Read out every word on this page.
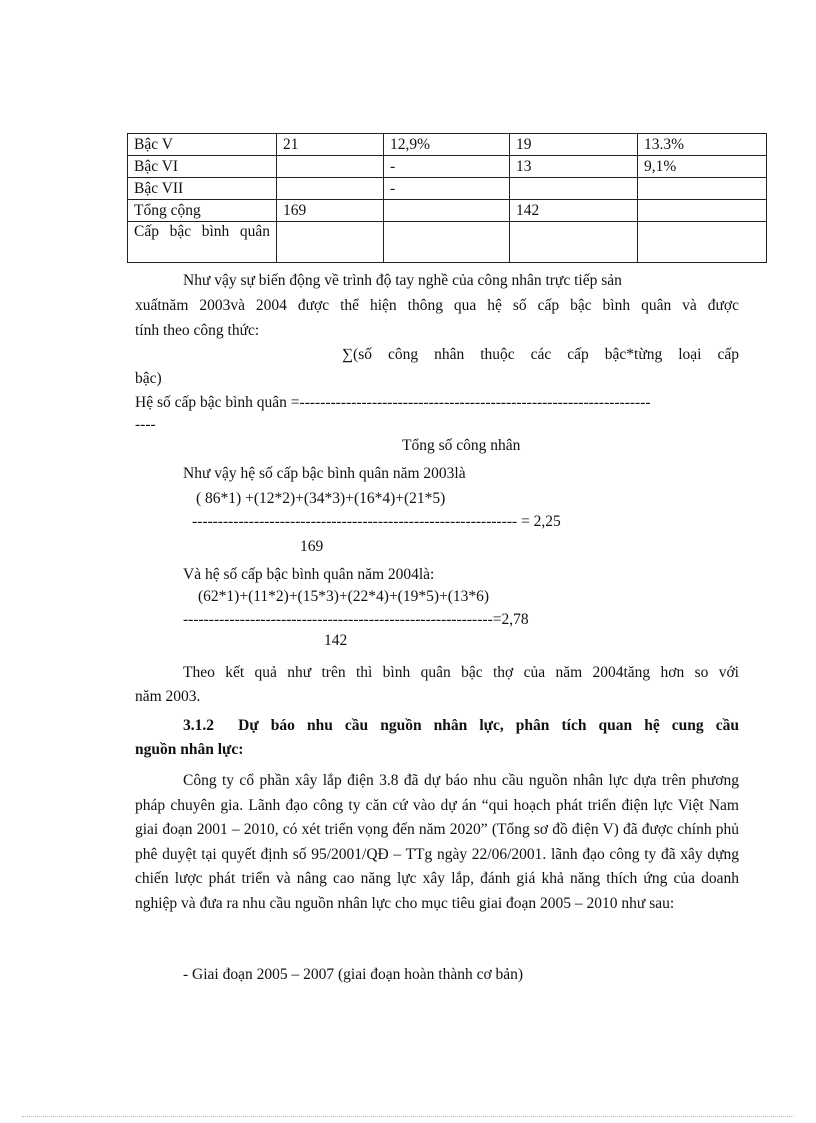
Bậc V	21	12,9%	19	13.3%
Bậc VI		-	13	9,1%
Bậc VII		-		
Tổng cộng	169		142	

Cấp bậc bình quân				

Như vậy sự biến động về trình độ tay nghề của công nhân trực tiếp sản
xuấtnăm 2003và 2004 được thể hiện thông qua hệ số cấp bậc bình quân và được
tính theo công thức:
∑(số công nhân thuộc các cấp bậc*từng loại cấp
bậc)
Hệ số cấp bậc bình quân =--------------------------------------------------------------------
----
Tổng số công nhân
Như vậy hệ số cấp bậc bình quân năm 2003là
( 86*1) +(12*2)+(34*3)+(16*4)+(21*5)
--------------------------------------------------------------- = 2,25
169
Và hệ số cấp bậc bình quân năm 2004là:
(62*1)+(11*2)+(15*3)+(22*4)+(19*5)+(13*6)
------------------------------------------------------------=2,78
142
Theo kết quả như trên thì bình quân bậc thợ của năm 2004tăng hơn so với
năm 2003.
3.1.2 Dự báo nhu cầu nguồn nhân lực, phân tích quan hệ cung cầu
nguồn nhân lực:
Công ty cổ phần xây lắp điện 3.8 đã dự báo nhu cầu nguồn nhân lực dựa trên phương pháp chuyên gia. Lãnh đạo công ty căn cứ vào dự án “qui hoạch phát triển điện lực Việt Nam giai đoạn 2001 – 2010, có xét triển vọng đến năm 2020” (Tổng sơ đồ điện V) đã được chính phủ phê duyệt tại quyết định số 95/2001/QĐ – TTg ngày 22/06/2001. lãnh đạo công ty đã xây dựng chiến lược phát triển và nâng cao năng lực xây lắp, đánh giá khả năng thích ứng của doanh nghiệp và đưa ra nhu cầu nguồn nhân lực cho mục tiêu giai đoạn 2005 – 2010 như sau:
- Giai đoạn 2005 – 2007 (giai đoạn hoàn thành cơ bản)
